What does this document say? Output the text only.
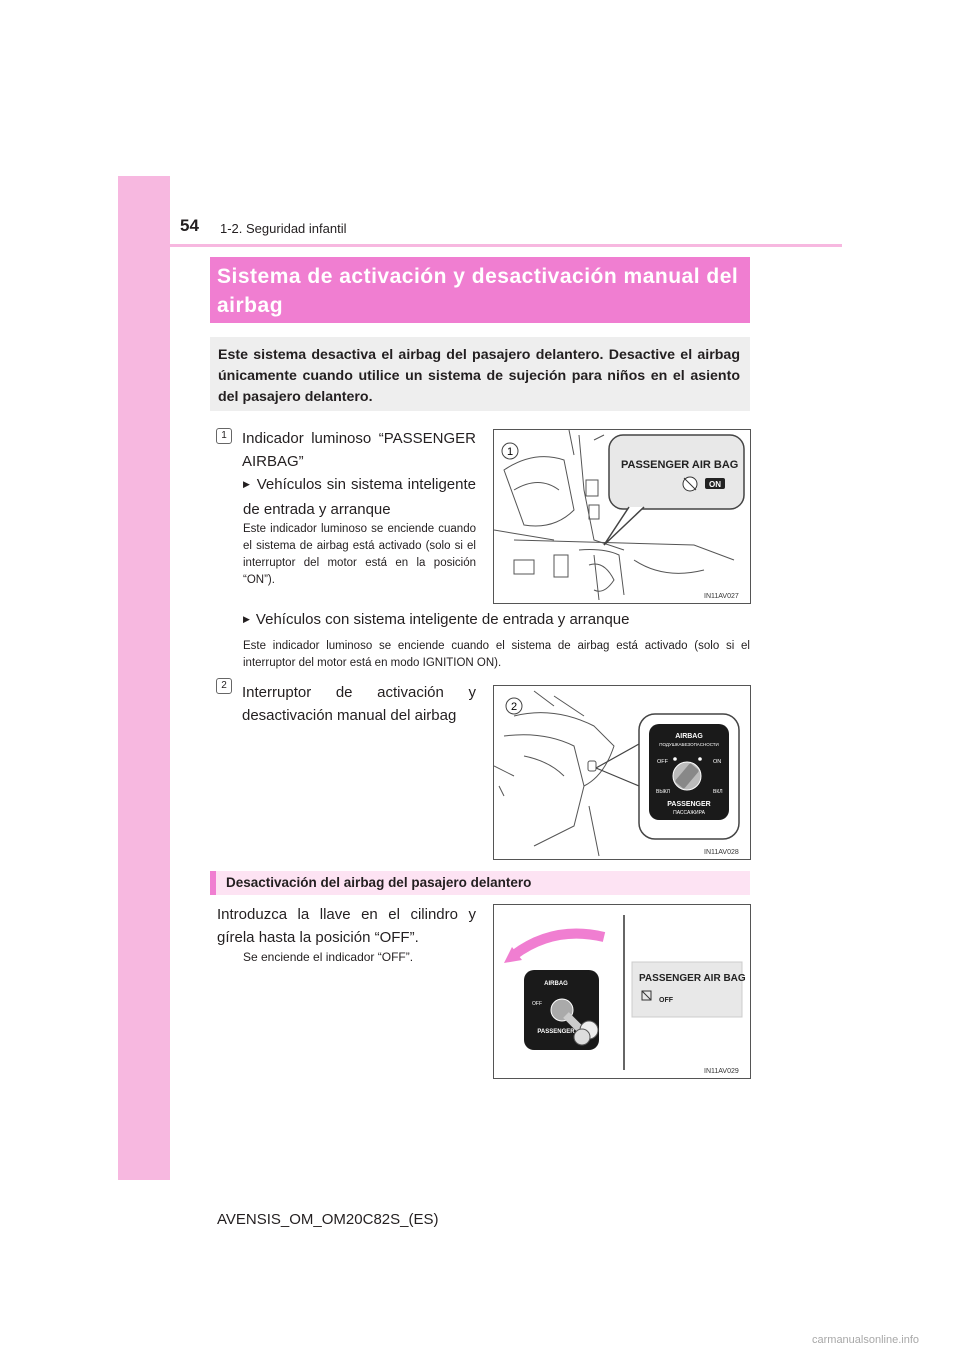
54 1-2. Seguridad infantil
Sistema de activación y desactivación manual del airbag
Este sistema desactiva el airbag del pasajero delantero. Desactive el airbag únicamente cuando utilice un sistema de sujeción para niños en el asiento del pasajero delantero.
1	Indicador luminoso “PASSENGER AIRBAG”
▶ Vehículos sin sistema inteligente de entrada y arranque
Este indicador luminoso se enciende cuando el sistema de airbag está activado (solo si el interruptor del motor está en la posición “ON”).
▶ Vehículos con sistema inteligente de entrada y arranque
Este indicador luminoso se enciende cuando el sistema de airbag está activado (solo si el interruptor del motor está en modo IGNITION ON).
1
PASSENGER AIR BAG
ON
IN11AV027
2	Interruptor de activación y desactivación manual del airbag	2
AIRBAG
ПОДУШКАБЕЗОПАСНОСТИ
OFF	ON
ВЫКЛ	ВКЛ
PASSENGER
ПАССАЖИРА
IN11AV028
Desactivación del airbag del pasajero delantero
Introduzca la llave en el cilindro y gírela hasta la posición “OFF”.
Se enciende el indicador “OFF”.
AIRBAG
OFF
PASSENGER
PASSENGER AIR BAG
OFF
IN11AV029
AVENSIS_OM_OM20C82S_(ES)
carmanualsonline.info
